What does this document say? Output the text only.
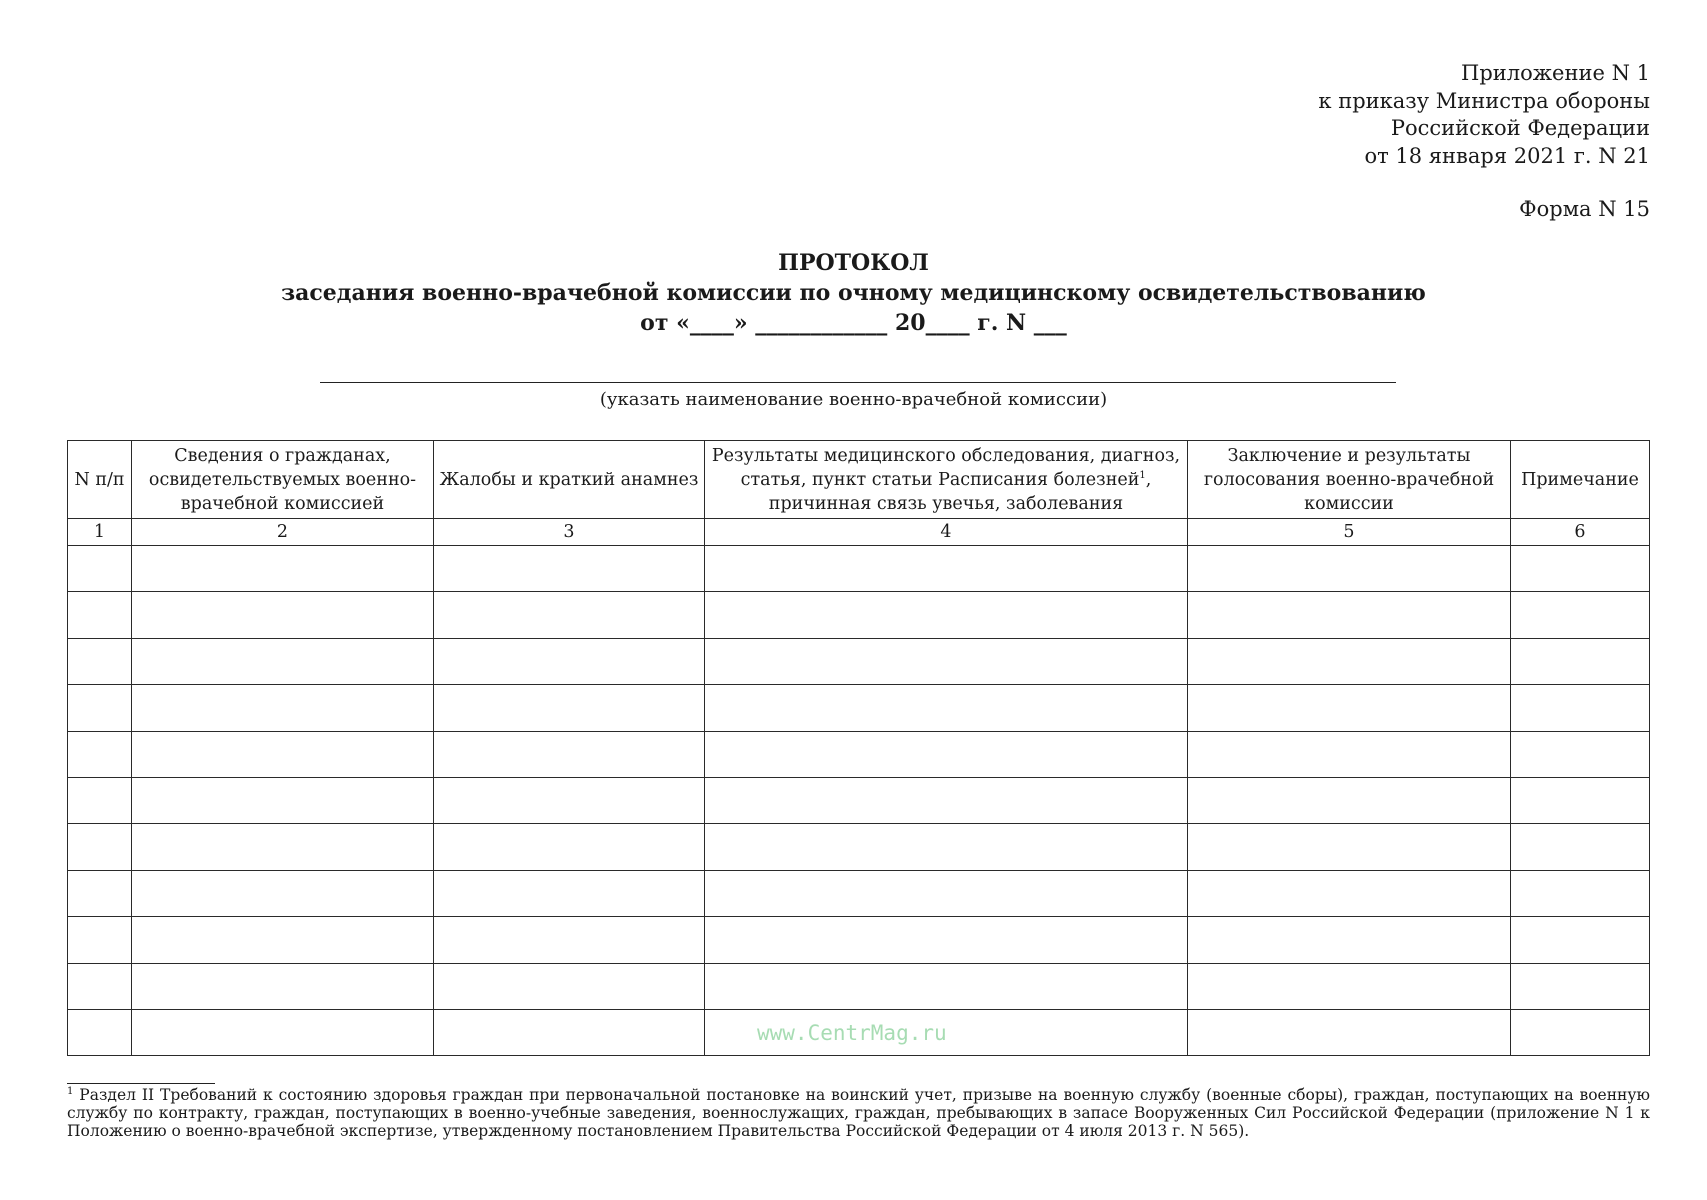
Приложение N 1
к приказу Министра обороны
Российской Федерации
от 18 января 2021 г. N 21
Форма N 15
ПРОТОКОЛ
заседания военно-врачебной комиссии по очному медицинскому освидетельствованию
от «____» ____________ 20____ г. N ___
(указать наименование военно-врачебной комиссии)
N п/п	Сведения о гражданах, освидетельствуемых военно-врачебной комиссией	Жалобы и краткий анамнез	Результаты медицинского обследования, диагноз, статья, пункт статьи Расписания болезней$^1$, причинная связь увечья, заболевания	Заключение и результаты голосования военно-врачебной комиссии	Примечание
1	2	3	4	5	6

www.CentrMag.ru
$^1$ Раздел II Требований к состоянию здоровья граждан при первоначальной постановке на воинский учет, призыве на военную службу (военные сборы), граждан, поступающих на военную службу по контракту, граждан, поступающих в военно-учебные заведения, военнослужащих, граждан, пребывающих в запасе Вооруженных Сил Российской Федерации (приложение N 1 к Положению о военно-врачебной экспертизе, утвержденному постановлением Правительства Российской Федерации от 4 июля 2013 г. N 565).
